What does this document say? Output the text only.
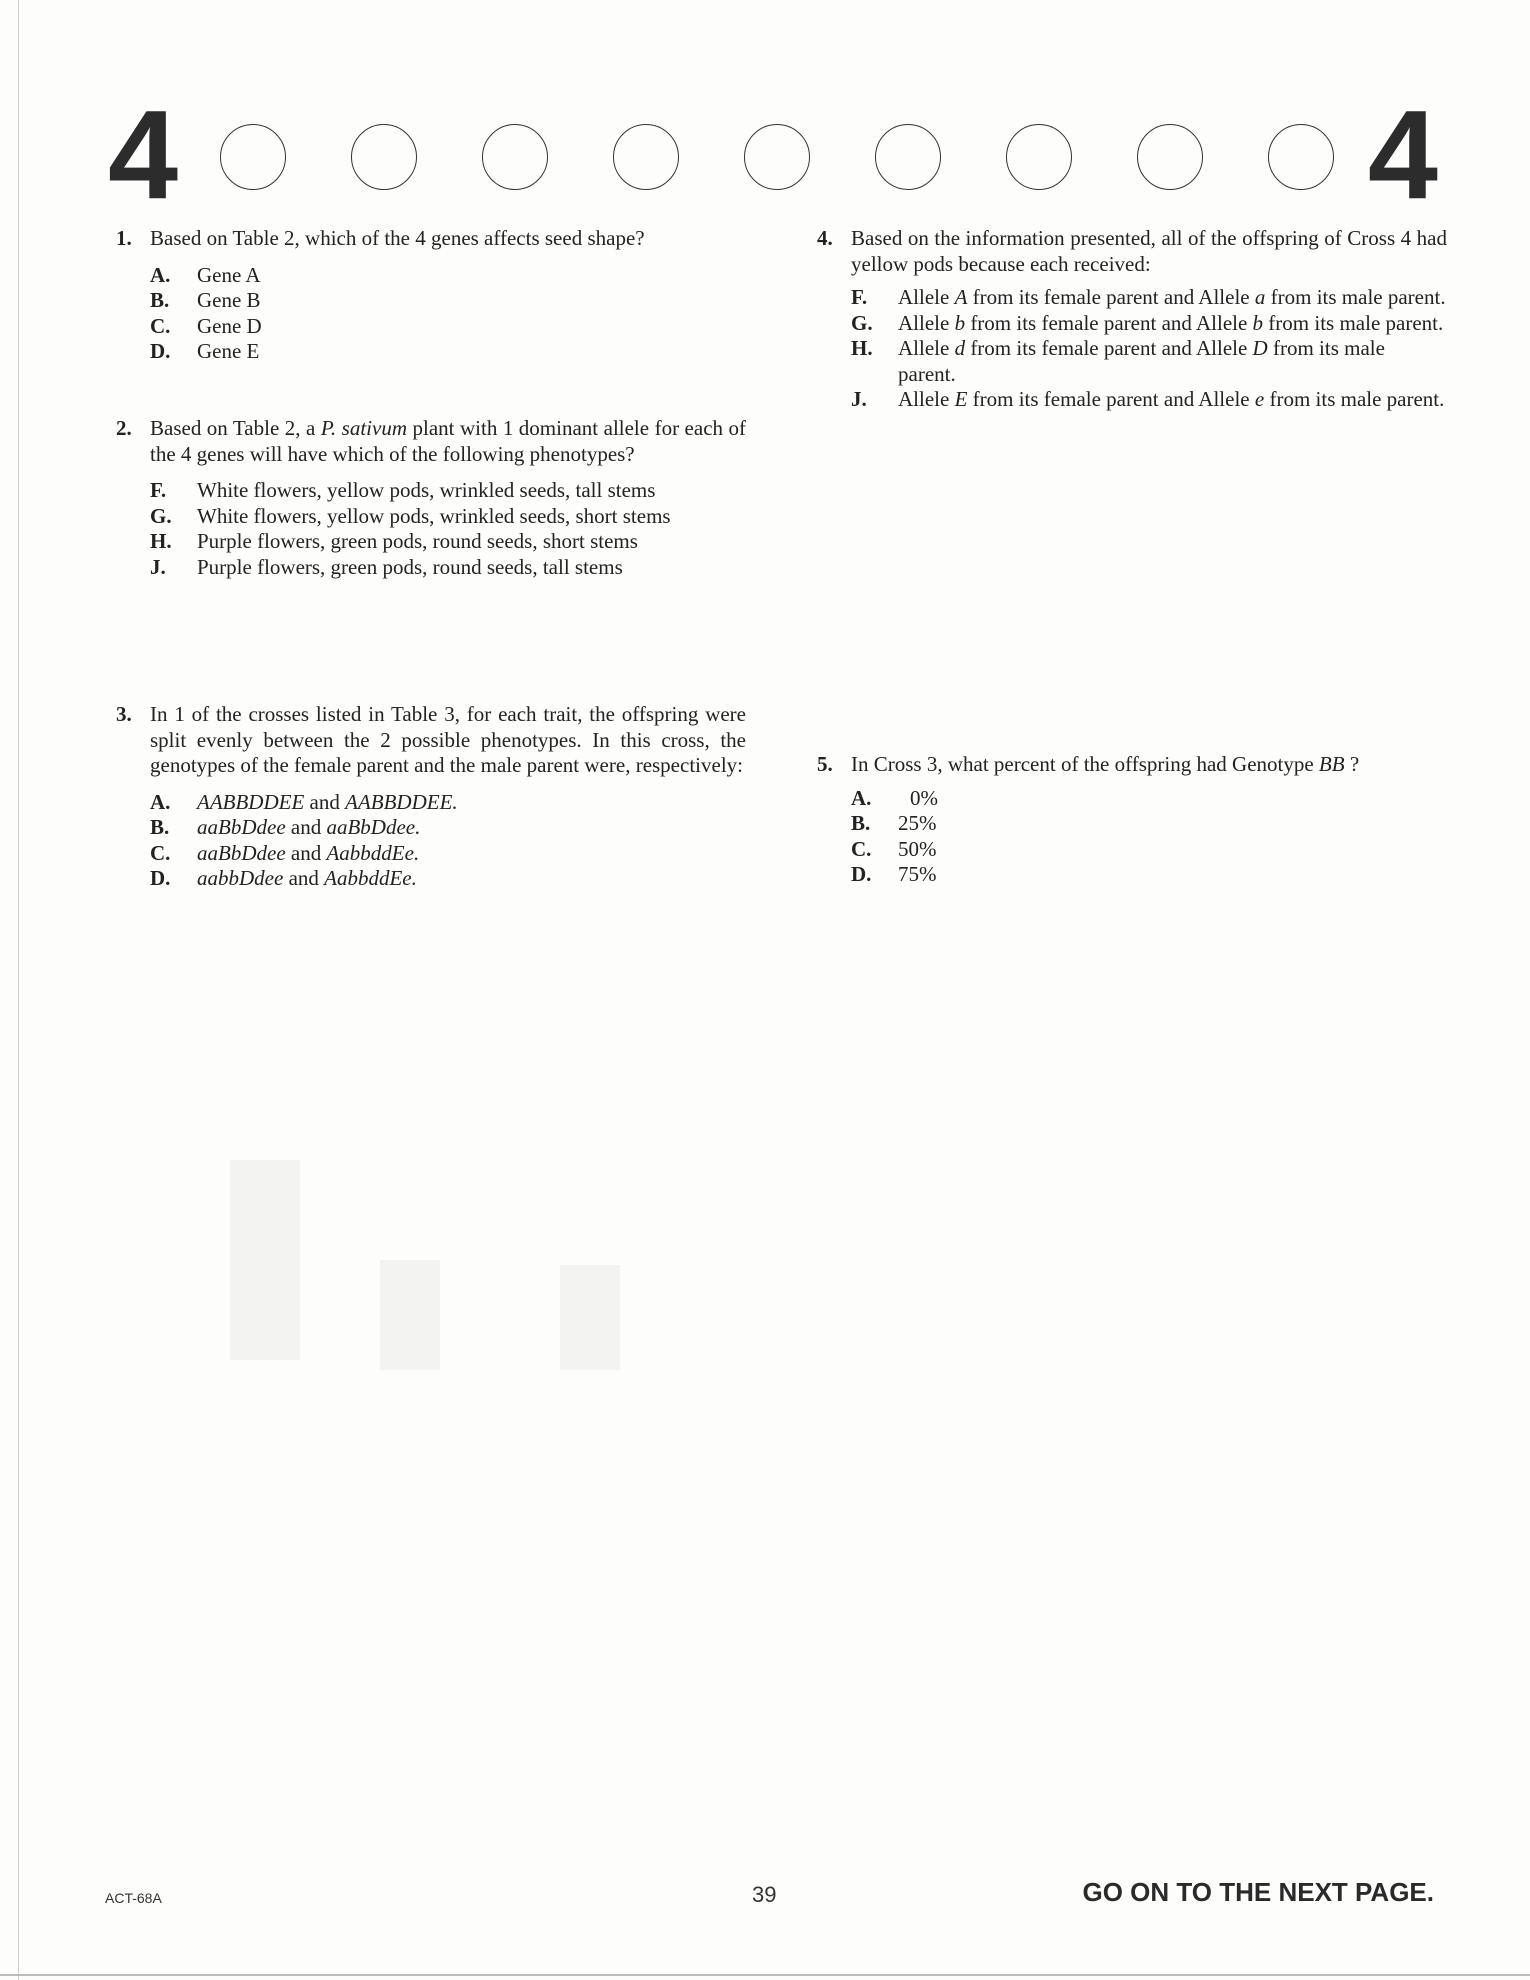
4	4
1. Based on Table 2, which of the 4 genes affects seed shape?
A.	Gene A
B.	Gene B
C.	Gene D
D.	Gene E
2. Based on Table 2, a P. sativum plant with 1 dominant allele for each of the 4 genes will have which of the following phenotypes?
F.	White flowers, yellow pods, wrinkled seeds, tall stems
G.	White flowers, yellow pods, wrinkled seeds, short stems
H.	Purple flowers, green pods, round seeds, short stems
J.	Purple flowers, green pods, round seeds, tall stems
3. In 1 of the crosses listed in Table 3, for each trait, the offspring were split evenly between the 2 possible phenotypes. In this cross, the genotypes of the female parent and the male parent were, respectively:
A.	AABBDDEE and AABBDDEE.
B.	aaBbDdee and aaBbDdee.
C.	aaBbDdee and AabbddEe.
D.	aabbDdee and AabbddEe.
4. Based on the information presented, all of the offspring of Cross 4 had yellow pods because each received:
F.	Allele A from its female parent and Allele a from its male parent.
G.	Allele b from its female parent and Allele b from its male parent.
H.	Allele d from its female parent and Allele D from its male parent.
J.	Allele E from its female parent and Allele e from its male parent.
5. In Cross 3, what percent of the offspring had Genotype BB ?
A.	0%
B.	25%
C.	50%
D.	75%
ACT-68A	39	GO ON TO THE NEXT PAGE.
